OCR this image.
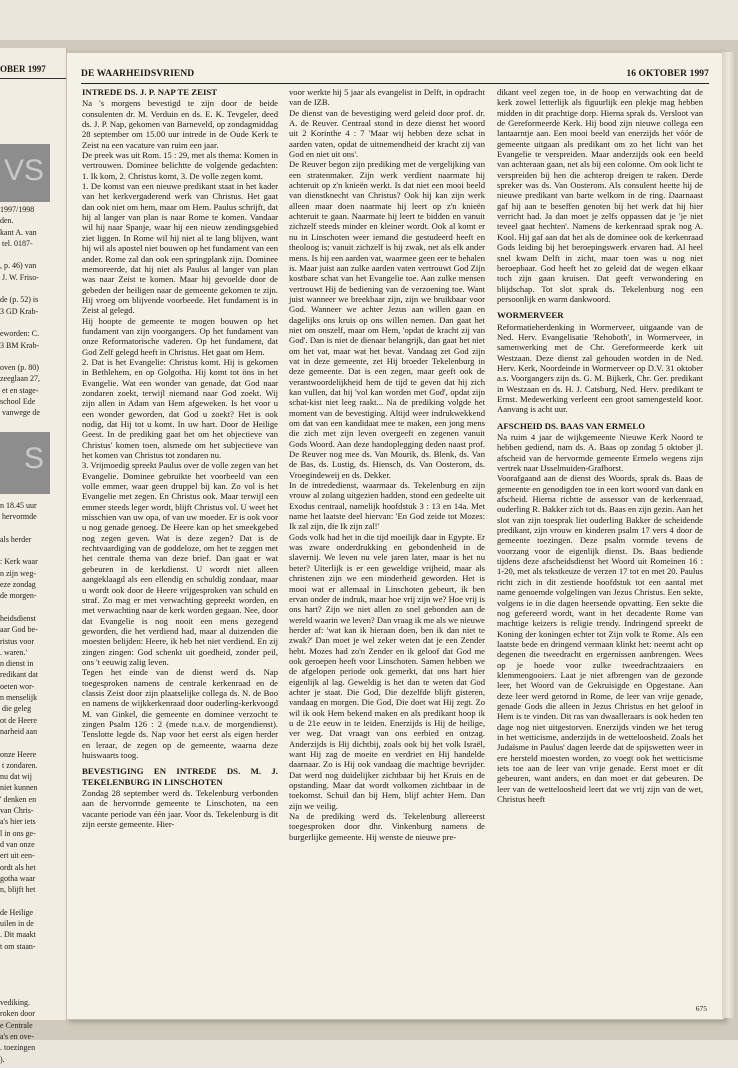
OBER 1997
VS
1997/1998
den.
kant A. van
tel. 0187-

, p. 46) van
J. W. Friso-

de (p. 52) is
3 GD Krab-

eworden: C.
3 BM Krab-

oven (p. 80)
zeeglaan 27,
et en stage-
school Ede
vanwege de
S
n 18.45 uur
hervormde

als herder

: Kerk waar
n zijn weg-
eze zondag
de morgen-

heidsdienst
aar God be-
ristus voor
. waren.'
n dienst in
redikant dat
oeten wor-
n menselijk
die geleg
ot de Heere
narheid aan

onze Heere
t zondaren.
nu dat wij
niet kunnen
' denken en
van Chris-
a's hier iets
l in ons ge-
d van onze
ert uit een-
ordt als het
gotha waar
n, blijft het

de Heilige
uilen in de
. Dit maakt
t om staan-

vediking.
roken door
e Centrale
a's en ove-
. toezingen
).
DE WAARHEIDSVRIEND	16 OKTOBER 1997
INTREDE DS. J. P. NAP TE ZEIST

Na 's morgens bevestigd te zijn door de beide consulenten dr. M. Verduin en ds. E. K. Tevgeler, deed ds. J. P. Nap, gekomen van Barneveld, op zondagmiddag 28 september om 15.00 uur intrede in de Oude Kerk te Zeist na een vacature van ruim een jaar.

De preek was uit Rom. 15 : 29, met als thema: Komen in vertrouwen. Dominee belichtte de volgende gedachten: 1. Ik kom, 2. Christus komt, 3. De volle zegen komt.

1. De komst van een nieuwe predikant staat in het kader van het kerkvergaderend werk van Christus. Het gaat dan ook niet om hem, maar om Hem. Paulus schrijft, dat hij al langer van plan is naar Rome te komen. Vandaar wil hij naar Spanje, waar hij een nieuw zendingsgebied ziet liggen. In Rome wil hij niet al te lang blijven, want hij wil als apostel niet bouwen op het fundament van een ander. Rome zal dan ook een springplank zijn. Dominee memoreerde, dat hij niet als Paulus al langer van plan was naar Zeist te komen. Maar hij gevoelde door de gebeden der heiligen naar de gemeente gekomen te zijn. Hij vroeg om blijvende voorbeede. Het fundament is in Zeist al gelegd.

Hij hoopte de gemeente te mogen bouwen op het fundament van zijn voorgangers. Op het fundament van onze Reformatorische vaderen. Op het fundament, dat God Zelf gelegd heeft in Christus. Het gaat om Hem.

2. Dat is het Evangelie: Christus komt. Hij is gekomen in Bethlehem, en op Golgotha. Hij komt tot öns in het Evangelie. Wat een wonder van genade, dat God naar zondaren zoekt, terwijl niemand naar God zoekt. Wij zijn allen in Adam van Hem afgeweken. Is het voor u een wonder geworden, dat God u zoekt? Het is ook nodig, dat Hij tot u komt. In uw hart. Door de Heilige Geest. In de prediking gaat het om het objectieve van Christus' komen toen, alsmede om het subjectieve van het komen van Christus tot zondaren nu.

3. Vrijmoedig spreekt Paulus over de volle zegen van het Evangelie. Dominee gebruikte het voorbeeld van een volle emmer, waar geen druppel bij kan. Zo vol is het Evangelie met zegen. En Christus ook. Maar terwijl een emmer steeds leger wordt, blijft Christus vol. U weet het misschien van uw opa, of van uw moeder. Er is ook voor u nog genade genoeg. De Heere kan op het smeekgebed nog zegen geven. Wat is deze zegen? Dat is de rechtvaardiging van de goddeloze, om het te zeggen met het centrale thema van deze brief. Dan gaat er wat gebeuren in de kerkdienst. U wordt niet alleen aangeklaagd als een ellendig en schuldig zondaar, maar u wordt ook door de Heere vrijgesproken van schuld en straf. Zo mag er met verwachting gepreekt worden, en met verwachting naar de kerk worden gegaan. Nee, door dat Evangelie is nog nooit een mens gezegend geworden, die het verdiend had, maar al duizenden die moesten belijden: Heere, ik heb het niet verdiend. En zij zingen zingen: God schenkt uit goedheid, zonder peil, ons 't eeuwig zalig leven.

Tegen het einde van de dienst werd ds. Nap toegesproken namens de centrale kerkenraad en de classis Zeist door zijn plaatselijke collega ds. N. de Boo en namens de wijkkerkenraad door ouderling-kerkvoogd M. van Ginkel, die gemeente en dominee verzocht te zingen Psalm 126 : 2 (mede n.a.v. de morgendienst). Tenslotte legde ds. Nap voor het eerst als eigen herder en leraar, de zegen op de gemeente, waarna deze huiswaarts toog.

BEVESTIGING EN INTREDE DS. M. J. TEKELENBURG IN LINSCHOTEN

Zondag 28 september werd ds. Tekelenburg verbonden aan de hervormde gemeente te Linschoten, na een vacante periode van één jaar. Voor ds. Tekelenburg is dit zijn eerste gemeente. Hier-

voor werkte hij 5 jaar als evangelist in Delft, in opdracht van de IZB.

De dienst van de bevestiging werd geleid door prof. dr. A. de Reuver. Centraal stond in deze dienst het woord uit 2 Korinthe 4 : 7 'Maar wij hebben deze schat in aarden vaten, opdat de uitnemendheid der kracht zij van God en niet uit ons'.

De Reuver begon zijn prediking met de vergelijking van een stratenmaker. Zijn werk verdient naarmate hij achteruit op z'n knieën werkt. Is dat niet een mooi beeld van dienstknecht van Christus? Ook hij kan zijn werk alleen maar doen naarmate hij leert op z'n knieën achteruit te gaan. Naarmate hij leert te bidden en vanuit zichzelf steeds minder en kleiner wordt. Ook al komt er nu in Linschoten weer iemand die gestudeerd heeft en theoloog is; vanuit zichzelf is hij zwak, net als elk ander mens. Is hij een aarden vat, waarmee geen eer te behalen is. Maar juist aan zulke aarden vaten vertrouwt God Zijn kostbare schat van het Evangelie toe. Aan zulke mensen vertrouwt Hij de bediening van de verzoening toe. Want juist wanneer we breekbaar zijn, zijn we bruikbaar voor God. Wanneer we achter Jezus aan willen gaan en dagelijks ons kruis op ons willen nemen. Dan gaat het niet om onszelf, maar om Hem, 'opdat de kracht zij van God'. Dan is niet de dienaar belangrijk, dan gaat het niet om het vat, maar wat het bevat. Vandaag zet God zijn vat in deze gemeente, zet Hij broeder Tekelenburg in deze gemeente. Dat is een zegen, maar geeft ook de verantwoordelijkheid hem de tijd te geven dat hij zich kan vullen, dat hij 'vol kan worden met God', opdat zijn schat-kist niet leeg raakt... Na de prediking volgde het moment van de bevestiging. Altijd weer indrukwekkend om dat van een kandidaat mee te maken, een jong mens die zich met zijn leven overgeeft en zegenen vanuit Gods Woord. Aan deze handoplegging deden naast prof. De Reuver nog mee ds. Van Mourik, ds. Blenk, ds. Van de Bas, ds. Lustig, ds. Hiensch, ds. Van Oosterom, ds. Vroegindeweij en ds. Dekker.

In de intrededienst, waarmaar ds. Tekelenburg en zijn vrouw al zolang uitgezien hadden, stond een gedeelte uit Exodus centraal, namelijk hoofdstuk 3 : 13 en 14a. Met name het laatste deel hiervan: 'En God zeide tot Mozes: Ik zal zijn, die Ik zijn zal!'

Gods volk had het in die tijd moeilijk daar in Egypte. Er was zware onderdrukking en gebondenheid in de slavernij. We leven nu vele jaren later, maar is het nu beter? Uiterlijk is er een geweldige vrijheid, maar als christenen zijn we een minderheid geworden. Het is mooi wat er allemaal in Linschoten gebeurt, ik ben ervan onder de indruk, maar hoe vrij zijn we? Hoe vrij is ons hart? Zijn we niet allen zo snel gebonden aan de wereld waarin we leven? Dan vraag ik me als we nieuwe herder af: 'wat kan ik hieraan doen, ben ik dan niet te zwak?' Dan moet je wel zeker weten dat je een Zender hebt. Mozes had zo'n Zender en ik geloof dat God me ook geroepen heeft voor Linschoten. Samen hebben we de afgelopen periode ook gemerkt, dat ons hart hier eigenlijk al lag. Geweldig is het dan te weten dat God achter je staat. Die God, Die dezelfde blijft gisteren, vandaag en morgen. Die God, Die doet wat Hij zegt. Zo wil ik ook Hem bekend maken en als predikant hoop ik u de 21e eeuw in te leiden. Enerzijds is Hij de heilige, ver weg. Dat vraagt van ons eerbied en ontzag. Anderzijds is Hij dichtbij, zoals ook bij het volk Israël, want Hij zag de moeite en verdriet en Hij handelde daarnaar. Zo is Hij ook vandaag die machtige bevrijder. Dat werd nog duidelijker zichtbaar bij het Kruis en de opstanding. Maar dat wordt volkomen zichtbaar in de toekomst. Schuil dan bij Hem, blijf achter Hem. Dan zijn we veilig.

Na de prediking werd ds. Tekelenburg allereerst toegesproken door dhr. Vinkenburg namens de burgerlijke gemeente. Hij wenste de nieuwe pre-

dikant veel zegen toe, in de hoop en verwachting dat de kerk zowel letterlijk als figuurlijk een plekje mag hebben midden in dit prachtige dorp. Hierna sprak ds. Versloot van de Gereformeerde Kerk. Hij bood zijn nieuwe collega een lantaarntje aan. Een mooi beeld van enerzijds het vóór de gemeente uitgaan als predikant om zo het licht van het Evangelie te verspreiden. Maar anderzijds ook een beeld van achteraan gaan, net als bij een colonne. Om ook licht te verspreiden bij hen die achterop dreigen te raken. Derde spreker was ds. Van Oosterom. Als consulent heette hij de nieuwe predikant van harte welkom in de ring. Daarnaast gaf hij aan te beseffen genoten bij het werk dat hij hier verricht had. Ja dan moet je zelfs oppassen dat je 'je niet teveel gaat hechten'. Namens de kerkenraad sprak nog A. Kool. Hij gaf aan dat het als de dominee ook de kerkenraad Gods leiding bij het beroepingswerk ervaren had. Al heel snel kwam Delft in zicht, maar toen was u nog niet beroepbaar. God heeft het zo geleid dat de wegen elkaar toch zijn gaan kruisen. Dat geeft verwondering en blijdschap. Tot slot sprak ds. Tekelenburg nog een persoonlijk en warm dankwoord.

WORMERVEER

Reformatieherdenking in Wormerveer, uitgaande van de Ned. Herv. Evangelisatie 'Rehoboth', in Wormerveer, in samenwerking met de Chr. Gereformeerde kerk uit Westzaan. Deze dienst zal gehouden worden in de Ned. Herv. Kerk, Noordeinde in Wormerveer op D.V. 31 oktober a.s. Voorgangers zijn ds. G. M. Bijkerk, Chr. Ger. predikant in Westzaan en ds. H. J. Catsburg, Ned. Herv. predikant te Ernst. Medewerking verleent een groot samengesteld koor. Aanvang is acht uur.

AFSCHEID DS. BAAS VAN ERMELO

Na ruim 4 jaar de wijkgemeente Nieuwe Kerk Noord te hebben gediend, nam ds. A. Baas op zondag 5 oktober jl. afscheid van de hervormde gemeente Ermelo wegens zijn vertrek naar IJsselmuiden-Grafhorst.

Voorafgaand aan de dienst des Woords, sprak ds. Baas de gemeente en genodigden toe in een kort woord van dank en afscheid. Hierna richtte de assessor van de kerkenraad, ouderling R. Bakker zich tot ds. Baas en zijn gezin. Aan het slot van zijn toesprak liet ouderling Bakker de scheidende predikant, zijn vrouw en kinderen psalm 17 vers 4 door de gemeente toezingen. Deze psalm vormde tevens de voorzang voor de eigenlijk dienst. Ds. Baas bediende tijdens deze afscheidsdienst het Woord uit Romeinen 16 : 1-20, met als tekstkeuze de verzen 17 tot en met 20. Paulus richt zich in dit zestiende hoofdstuk tot een aantal met name genoemde volgelingen van Jezus Christus. Een sekte, volgens ie in die dagen heersende opvatting. Een sekte die nog gefereerd wordt, want in het decadente Rome van machtige keizers is religie trendy. Indringend spreekt de Koning der koningen echter tot Zijn volk te Rome. Als een laatste bede en dringend vermaan klinkt het: neemt acht op degenen die tweedracht en ergernissen aanbrengen. Wees op je hoede voor zulke tweedrachtzaaiers en klemmengooiers. Laat je niet afbrengen van de gezonde leer, het Woord van de Gekruisigde en Opgestane. Aan deze leer werd getornd in Rome, de leer van vrije genade, genade Gods die alleen in Jezus Christus en het geloof in Hem is te vinden. Dit ras van dwaalleraars is ook heden ten dage nog niet uitgestorven. Enerzijds vinden we het terug in het wetticisme, anderzijds in de wetteloosheid. Zoals het Judaïsme in Paulus' dagen leerde dat de spijswetten weer in ere hersteld moesten worden, zo voegt ook het wetticisme iets toe aan de leer van vrije genade. Eerst moet er dít gebeuren, want anders, en dan moet er dat gebeuren. De leer van de wetteloosheid leert dat we vrij zijn van de wet, Christus heeft

675
